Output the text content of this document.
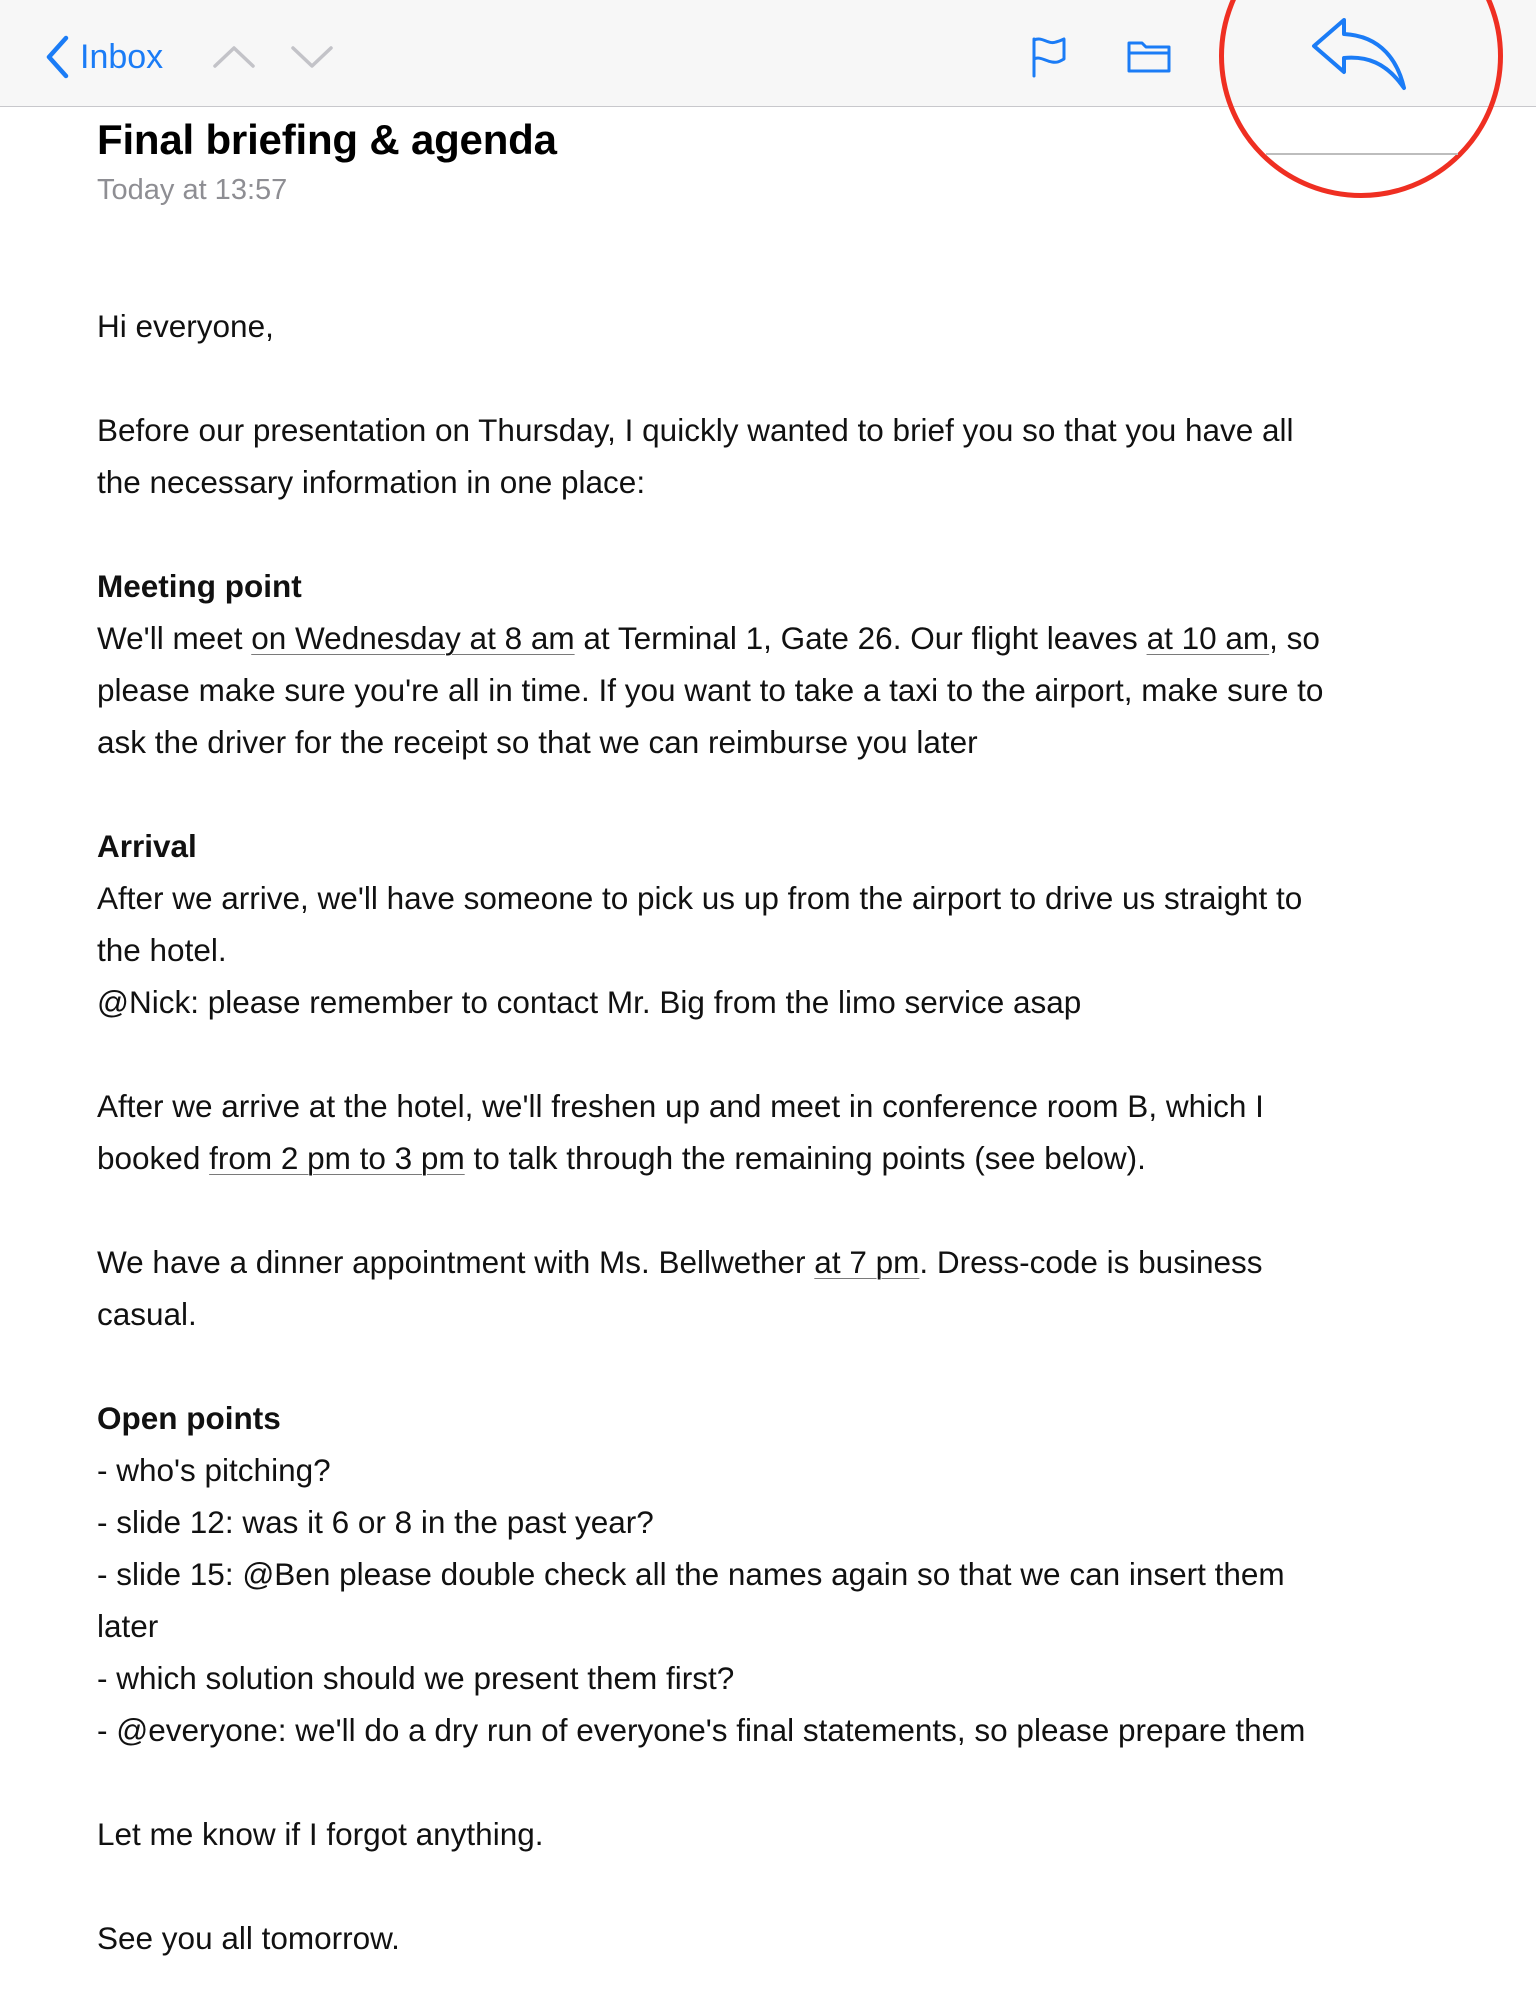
Inbox
Final briefing & agenda
Today at 13:57
Hi everyone,
Before our presentation on Thursday, I quickly wanted to brief you so that you have all
the necessary information in one place:
Meeting point
We'll meet on Wednesday at 8 am at Terminal 1, Gate 26. Our flight leaves at 10 am, so
please make sure you're all in time. If you want to take a taxi to the airport, make sure to
ask the driver for the receipt so that we can reimburse you later
Arrival
After we arrive, we'll have someone to pick us up from the airport to drive us straight to
the hotel.
@Nick: please remember to contact Mr. Big from the limo service asap
After we arrive at the hotel, we'll freshen up and meet in conference room B, which I
booked from 2 pm to 3 pm to talk through the remaining points (see below).
We have a dinner appointment with Ms. Bellwether at 7 pm. Dress-code is business
casual.
Open points
- who's pitching?
- slide 12: was it 6 or 8 in the past year?
- slide 15: @Ben please double check all the names again so that we can insert them
later
- which solution should we present them first?
- @everyone: we'll do a dry run of everyone's final statements, so please prepare them
Let me know if I forgot anything.
See you all tomorrow.
